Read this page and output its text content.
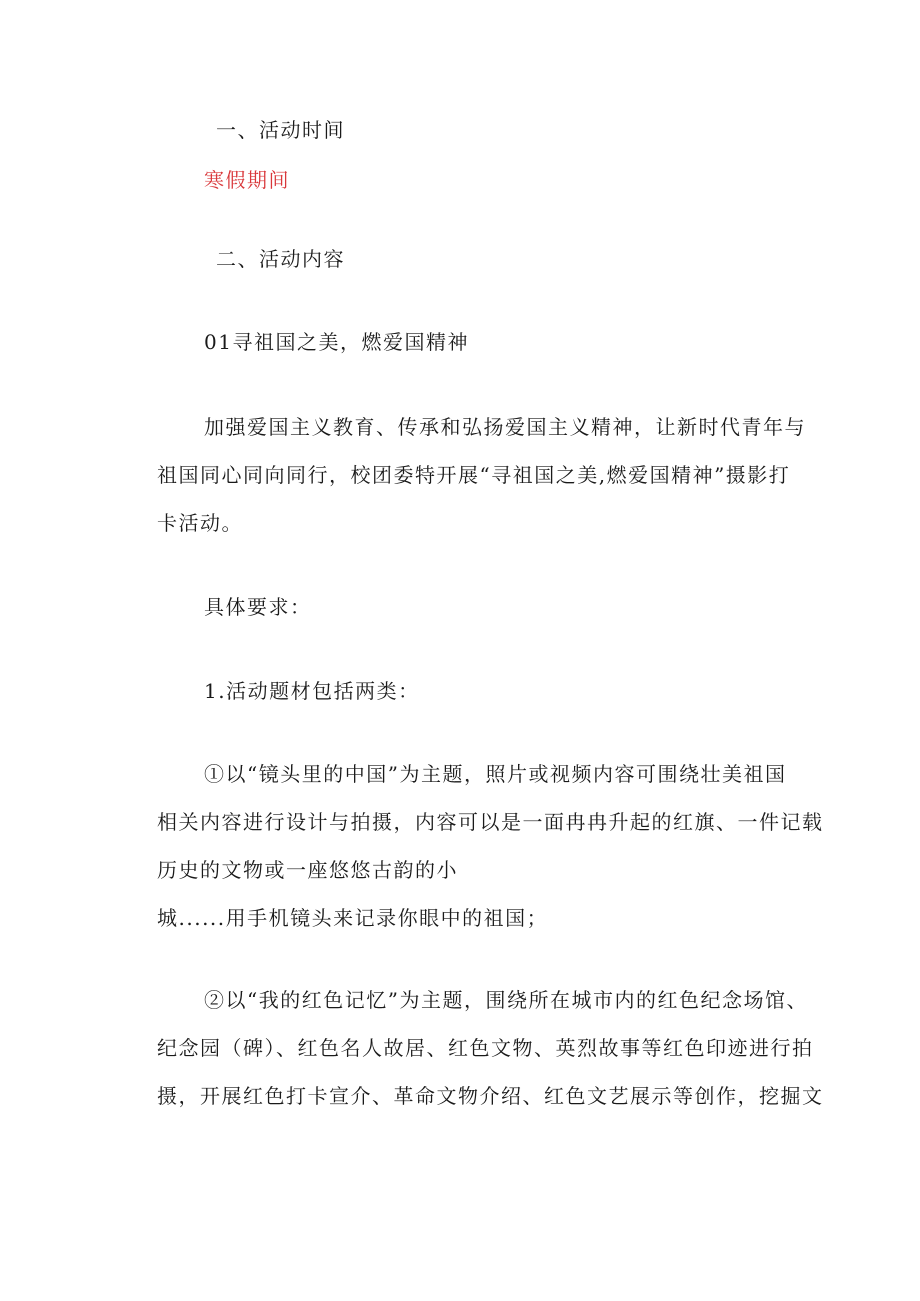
一、活动时间
寒假期间
二、活动内容
01寻祖国之美，燃爱国精神
加强爱国主义教育、传承和弘扬爱国主义精神，让新时代青年与
祖国同心同向同行，校团委特开展“寻祖国之美,燃爱国精神”摄影打
卡活动。
具体要求：
1.活动题材包括两类：
①以“镜头里的中国”为主题，照片或视频内容可围绕壮美祖国
相关内容进行设计与拍摄，内容可以是一面冉冉升起的红旗、一件记载
历史的文物或一座悠悠古韵的小
城......用手机镜头来记录你眼中的祖国；
②以“我的红色记忆”为主题，围绕所在城市内的红色纪念场馆、
纪念园（碑）、红色名人故居、红色文物、英烈故事等红色印迹进行拍
摄，开展红色打卡宣介、革命文物介绍、红色文艺展示等创作，挖掘文
